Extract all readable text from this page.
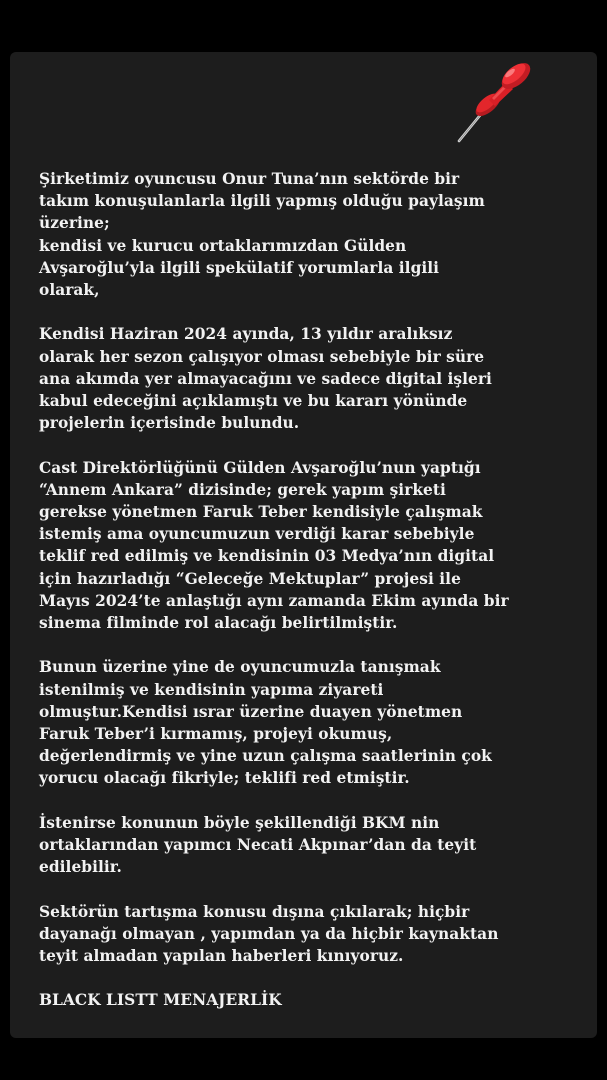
Şirketimiz oyuncusu Onur Tuna’nın sektörde bir
takım konuşulanlarla ilgili yapmış olduğu paylaşım
üzerine;
kendisi ve kurucu ortaklarımızdan Gülden
Avşaroğlu’yla ilgili spekülatif yorumlarla ilgili
olarak,
Kendisi Haziran 2024 ayında, 13 yıldır aralıksız
olarak her sezon çalışıyor olması sebebiyle bir süre
ana akımda yer almayacağını ve sadece digital işleri
kabul edeceğini açıklamıştı ve bu kararı yönünde
projelerin içerisinde bulundu.
Cast Direktörlüğünü Gülden Avşaroğlu’nun yaptığı
“Annem Ankara” dizisinde; gerek yapım şirketi
gerekse yönetmen Faruk Teber kendisiyle çalışmak
istemiş ama oyuncumuzun verdiği karar sebebiyle
teklif red edilmiş ve kendisinin 03 Medya’nın digital
için hazırladığı “Geleceğe Mektuplar” projesi ile
Mayıs 2024’te anlaştığı aynı zamanda Ekim ayında bir
sinema filminde rol alacağı belirtilmiştir.
Bunun üzerine yine de oyuncumuzla tanışmak
istenilmiş ve kendisinin yapıma ziyareti
olmuştur.Kendisi ısrar üzerine duayen yönetmen
Faruk Teber’i kırmamış, projeyi okumuş,
değerlendirmiş ve yine uzun çalışma saatlerinin çok
yorucu olacağı fikriyle; teklifi red etmiştir.
İstenirse konunun böyle şekillendiği BKM nin
ortaklarından yapımcı Necati Akpınar’dan da teyit
edilebilir.
Sektörün tartışma konusu dışına çıkılarak; hiçbir
dayanağı olmayan , yapımdan ya da hiçbir kaynaktan
teyit almadan yapılan haberleri kınıyoruz.
BLACK LISTT MENAJERLİK
